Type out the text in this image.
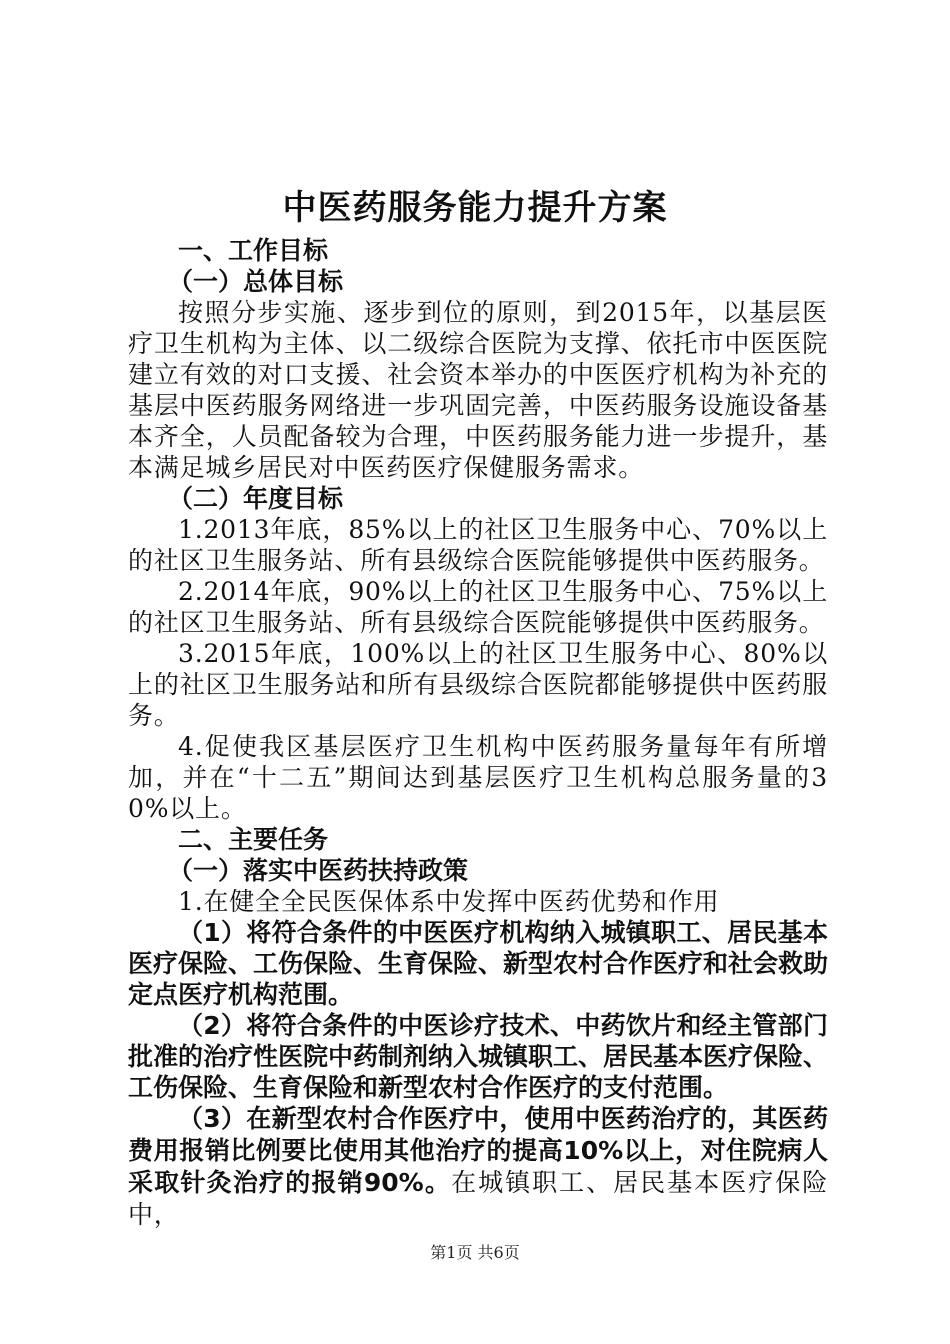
中医药服务能力提升方案

一、工作目标

（一）总体目标

按照分步实施、逐步到位的原则，到2015年，以基层医疗卫生机构为主体、以二级综合医院为支撑、依托市中医医院建立有效的对口支援、社会资本举办的中医医疗机构为补充的基层中医药服务网络进一步巩固完善，中医药服务设施设备基本齐全，人员配备较为合理，中医药服务能力进一步提升，基本满足城乡居民对中医药医疗保健服务需求。

（二）年度目标

1.2013年底，85%以上的社区卫生服务中心、70%以上的社区卫生服务站、所有县级综合医院能够提供中医药服务。

2.2014年底，90%以上的社区卫生服务中心、75%以上的社区卫生服务站、所有县级综合医院能够提供中医药服务。

3.2015年底，100%以上的社区卫生服务中心、80%以上的社区卫生服务站和所有县级综合医院都能够提供中医药服务。

4.促使我区基层医疗卫生机构中医药服务量每年有所增加，并在“十二五”期间达到基层医疗卫生机构总服务量的30%以上。

二、主要任务

（一）落实中医药扶持政策

1.在健全全民医保体系中发挥中医药优势和作用

（1）将符合条件的中医医疗机构纳入城镇职工、居民基本医疗保险、工伤保险、生育保险、新型农村合作医疗和社会救助定点医疗机构范围。

（2）将符合条件的中医诊疗技术、中药饮片和经主管部门批准的治疗性医院中药制剂纳入城镇职工、居民基本医疗保险、工伤保险、生育保险和新型农村合作医疗的支付范围。

（3）在新型农村合作医疗中，使用中医药治疗的，其医药费用报销比例要比使用其他治疗的提高10%以上，对住院病人采取针灸治疗的报销90%。在城镇职工、居民基本医疗保险中，

第1页 共6页
